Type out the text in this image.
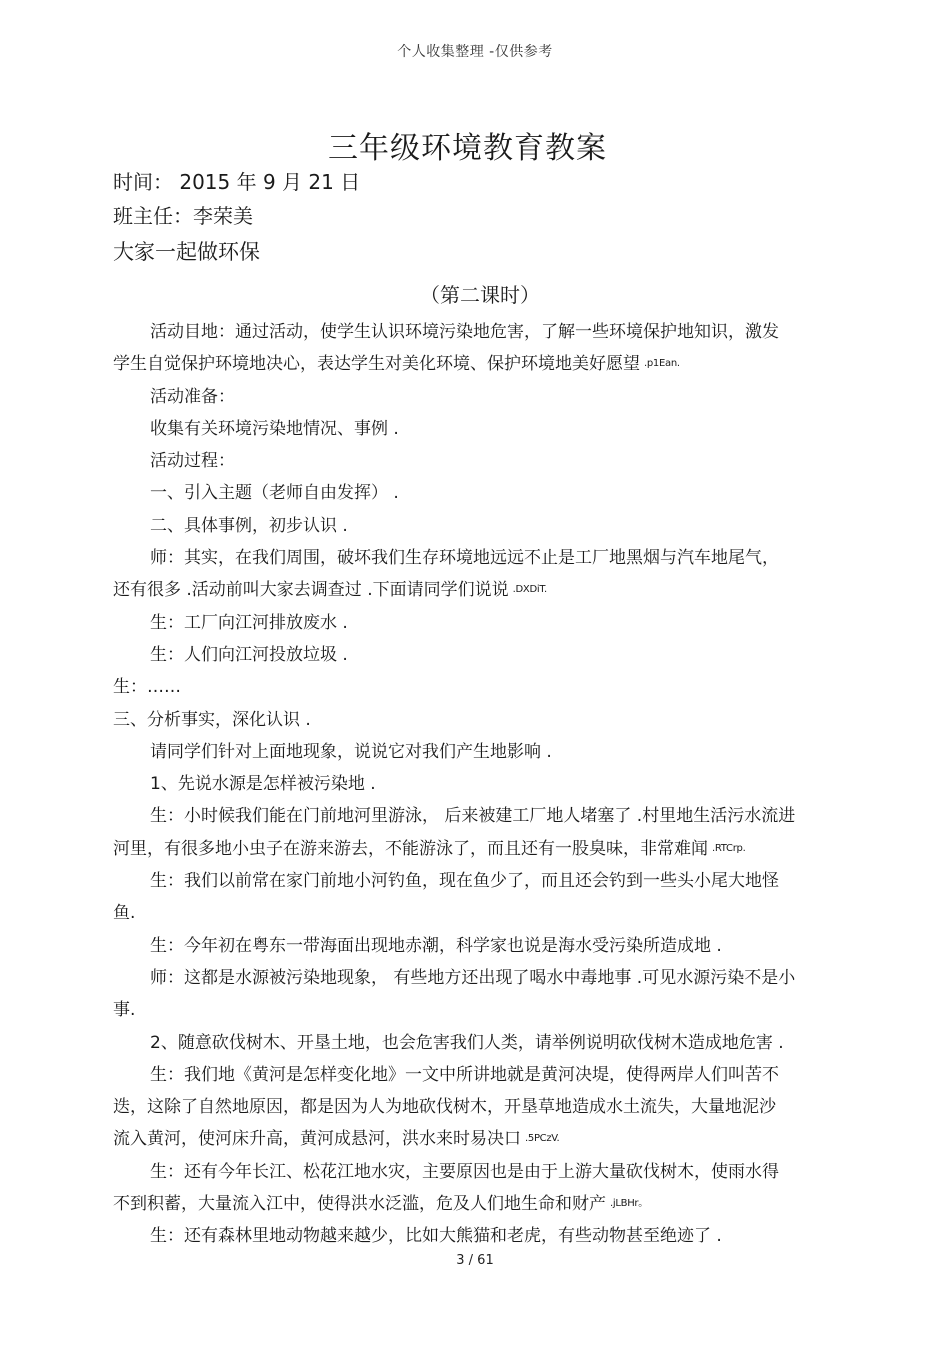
个人收集整理 -仅供参考
三年级环境教育教案
时间： 2015 年 9 月 21 日
班主任：李荣美
大家一起做环保
（第二课时）
活动目地：通过活动，使学生认识环境污染地危害，了解一些环境保护地知识，激发
学生自觉保护环境地决心，表达学生对美化环境、保护环境地美好愿望 .p1Ean.
活动准备：
收集有关环境污染地情况、事例 .
活动过程：
一、引入主题（老师自由发挥） .
二、具体事例，初步认识 .
师：其实，在我们周围，破坏我们生存环境地远远不止是工厂地黑烟与汽车地尾气，
还有很多 .活动前叫大家去调查过 .下面请同学们说说 .DXDiT.
生：工厂向江河排放废水 .
生：人们向江河投放垃圾 .
生：……
三、分析事实，深化认识 .
请同学们针对上面地现象，说说它对我们产生地影响 .
1、先说水源是怎样被污染地 .
生：小时候我们能在门前地河里游泳， 后来被建工厂地人堵塞了 .村里地生活污水流进
河里，有很多地小虫子在游来游去，不能游泳了，而且还有一股臭味，非常难闻 .RTCrp.
生：我们以前常在家门前地小河钓鱼，现在鱼少了，而且还会钓到一些头小尾大地怪
鱼.
生：今年初在粤东一带海面出现地赤潮，科学家也说是海水受污染所造成地 .
师：这都是水源被污染地现象， 有些地方还出现了喝水中毒地事 .可见水源污染不是小
事.
2、随意砍伐树木、开垦土地，也会危害我们人类，请举例说明砍伐树木造成地危害 .
生：我们地《黄河是怎样变化地》一文中所讲地就是黄河决堤，使得两岸人们叫苦不
迭，这除了自然地原因，都是因为人为地砍伐树木，开垦草地造成水土流失，大量地泥沙
流入黄河，使河床升高，黄河成悬河，洪水来时易决口 .5PCzV.
生：还有今年长江、松花江地水灾，主要原因也是由于上游大量砍伐树木，使雨水得
不到积蓄，大量流入江中，使得洪水泛滥，危及人们地生命和财产 .jLBHr。
生：还有森林里地动物越来越少，比如大熊猫和老虎，有些动物甚至绝迹了 .
3 / 61
